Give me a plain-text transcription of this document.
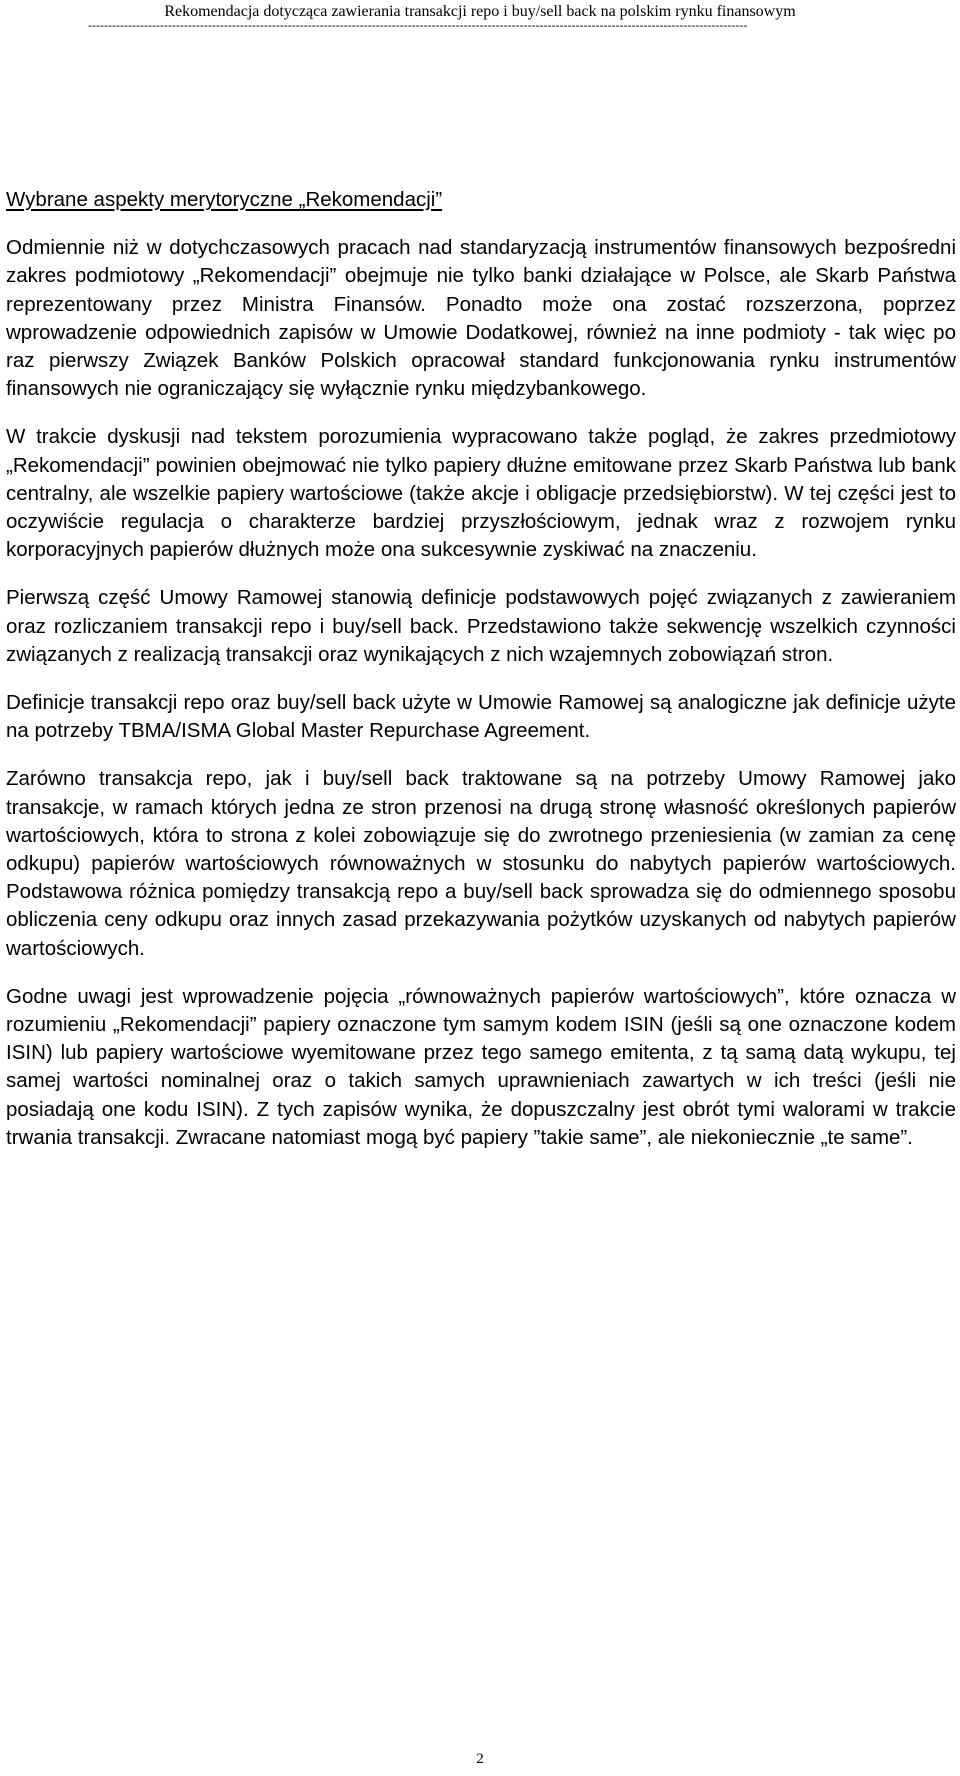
Rekomendacja dotycząca zawierania transakcji repo i buy/sell back na polskim rynku finansowym
---------------------------------------------------------------------------------------------------------------------------------------------------------------------
Wybrane aspekty merytoryczne „Rekomendacji”

Odmiennie niż w dotychczasowych pracach nad standaryzacją instrumentów finansowych bezpośredni zakres podmiotowy „Rekomendacji” obejmuje nie tylko banki działające w Polsce, ale Skarb Państwa reprezentowany przez Ministra Finansów. Ponadto może ona zostać rozszerzona, poprzez wprowadzenie odpowiednich zapisów w Umowie Dodatkowej, również na inne podmioty - tak więc po raz pierwszy Związek Banków Polskich opracował standard funkcjonowania rynku instrumentów finansowych nie ograniczający się wyłącznie rynku międzybankowego.

W trakcie dyskusji nad tekstem porozumienia wypracowano także pogląd, że zakres przedmiotowy „Rekomendacji” powinien obejmować nie tylko papiery dłużne emitowane przez Skarb Państwa lub bank centralny, ale wszelkie papiery wartościowe (także akcje i obligacje przedsiębiorstw). W tej części jest to oczywiście regulacja o charakterze bardziej przyszłościowym, jednak wraz z rozwojem rynku korporacyjnych papierów dłużnych może ona sukcesywnie zyskiwać na znaczeniu.

Pierwszą część Umowy Ramowej stanowią definicje podstawowych pojęć związanych z zawieraniem oraz rozliczaniem transakcji repo i buy/sell back. Przedstawiono także sekwencję wszelkich czynności związanych z realizacją transakcji oraz wynikających z nich wzajemnych zobowiązań stron.

Definicje transakcji repo oraz buy/sell back użyte w Umowie Ramowej są analogiczne jak definicje użyte na potrzeby TBMA/ISMA Global Master Repurchase Agreement.

Zarówno transakcja repo, jak i buy/sell back traktowane są na potrzeby Umowy Ramowej jako transakcje, w ramach których jedna ze stron przenosi na drugą stronę własność określonych papierów wartościowych, która to strona z kolei zobowiązuje się do zwrotnego przeniesienia (w zamian za cenę odkupu) papierów wartościowych równoważnych w stosunku do nabytych papierów wartościowych. Podstawowa różnica pomiędzy transakcją repo a buy/sell back sprowadza się do odmiennego sposobu obliczenia ceny odkupu oraz innych zasad przekazywania pożytków uzyskanych od nabytych papierów wartościowych.

Godne uwagi jest wprowadzenie pojęcia „równoważnych papierów wartościowych”, które oznacza w rozumieniu „Rekomendacji” papiery oznaczone tym samym kodem ISIN (jeśli są one oznaczone kodem ISIN) lub papiery wartościowe wyemitowane przez tego samego emitenta, z tą samą datą wykupu, tej samej wartości nominalnej oraz o takich samych uprawnieniach zawartych w ich treści (jeśli nie posiadają one kodu ISIN). Z tych zapisów wynika, że dopuszczalny jest obrót tymi walorami w trakcie trwania transakcji. Zwracane natomiast mogą być papiery ”takie same”, ale niekoniecznie „te same”.

2
